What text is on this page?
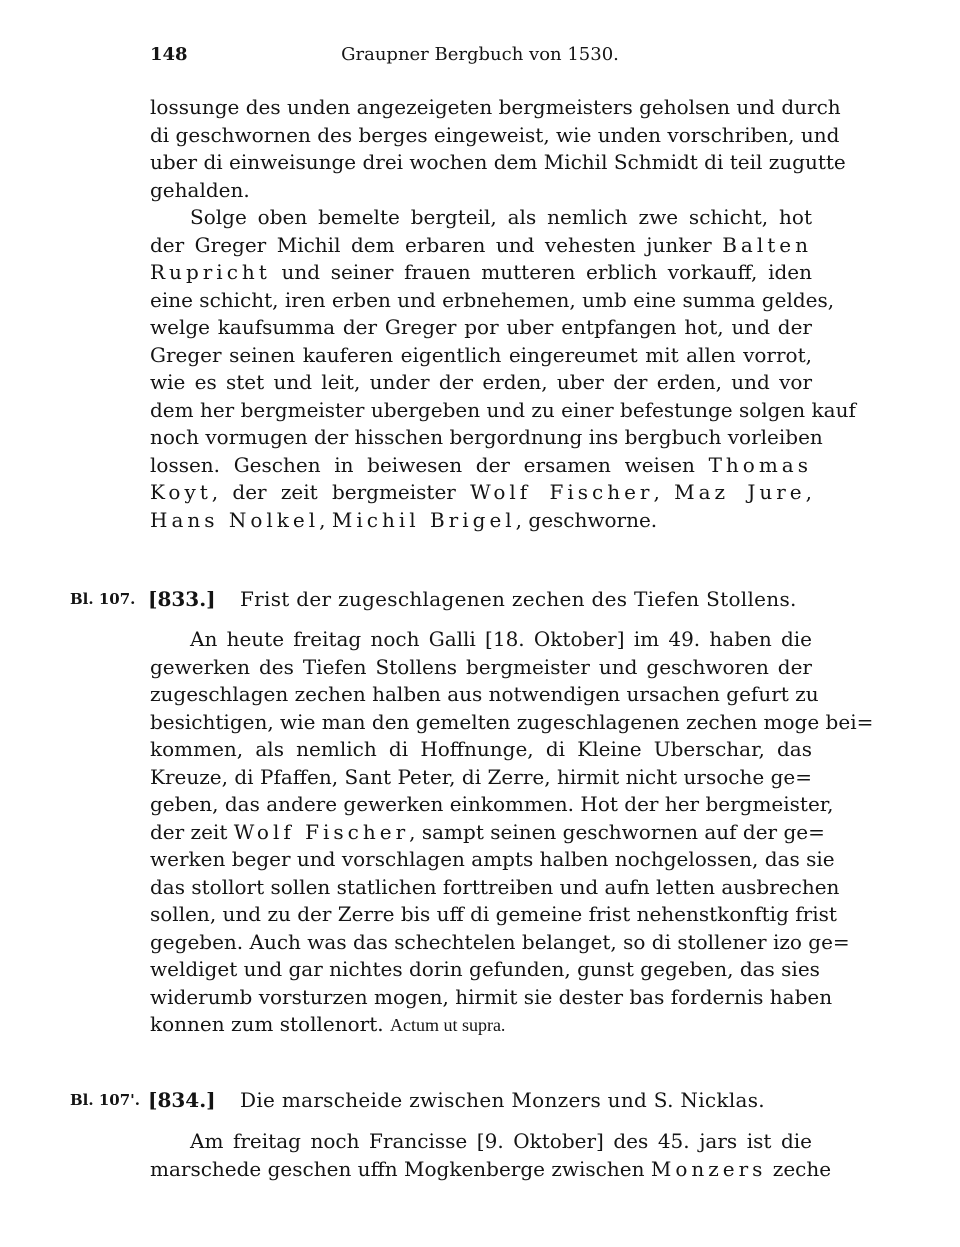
148	Graupner Bergbuch von 1530.
lossunge des unden angezeigeten bergmeisters geholsen und durch
di geschwornen des berges eingeweist, wie unden vorschriben, und
uber di einweisunge drei wochen dem Michil Schmidt di teil zugutte
gehalden.
Solge oben bemelte bergteil, als nemlich zwe schicht, hot
der Greger Michil dem erbaren und vehesten junker Balten
Rupricht und seiner frauen mutteren erblich vorkauff, iden
eine schicht, iren erben und erbnehemen, umb eine summa geldes,
welge kaufsumma der Greger por uber entpfangen hot, und der
Greger seinen kauferen eigentlich eingereumet mit allen vorrot,
wie es stet und leit, under der erden, uber der erden, und vor
dem her bergmeister ubergeben und zu einer befestunge solgen kauf
noch vormugen der hisschen bergordnung ins bergbuch vorleiben
lossen. Geschen in beiwesen der ersamen weisen Thomas
Koyt, der zeit bergmeister Wolf Fischer, Maz Jure,
Hans Nolkel, Michil Brigel, geschworne.
Bl. 107. [833.] Frist der zugeschlagenen zechen des Tiefen Stollens.
An heute freitag noch Galli [18. Oktober] im 49. haben die
gewerken des Tiefen Stollens bergmeister und geschworen der
zugeschlagen zechen halben aus notwendigen ursachen gefurt zu
besichtigen, wie man den gemelten zugeschlagenen zechen moge bei=
kommen, als nemlich di Hoffnunge, di Kleine Uberschar, das
Kreuze, di Pfaffen, Sant Peter, di Zerre, hirmit nicht ursoche ge=
geben, das andere gewerken einkommen. Hot der her bergmeister,
der zeit Wolf Fischer, sampt seinen geschwornen auf der ge=
werken beger und vorschlagen ampts halben nochgelossen, das sie
das stollort sollen statlichen forttreiben und aufn letten ausbrechen
sollen, und zu der Zerre bis uff di gemeine frist nehenstkonftig frist
gegeben. Auch was das schechtelen belanget, so di stollener izo ge=
weldiget und gar nichtes dorin gefunden, gunst gegeben, das sies
widerumb vorsturzen mogen, hirmit sie dester bas fordernis haben
konnen zum stollenort. Actum ut supra.
Bl. 107'. [834.] Die marscheide zwischen Monzers und S. Nicklas.
Am freitag noch Francisse [9. Oktober] des 45. jars ist die
marschede geschen uffn Mogkenberge zwischen Monzers zeche
